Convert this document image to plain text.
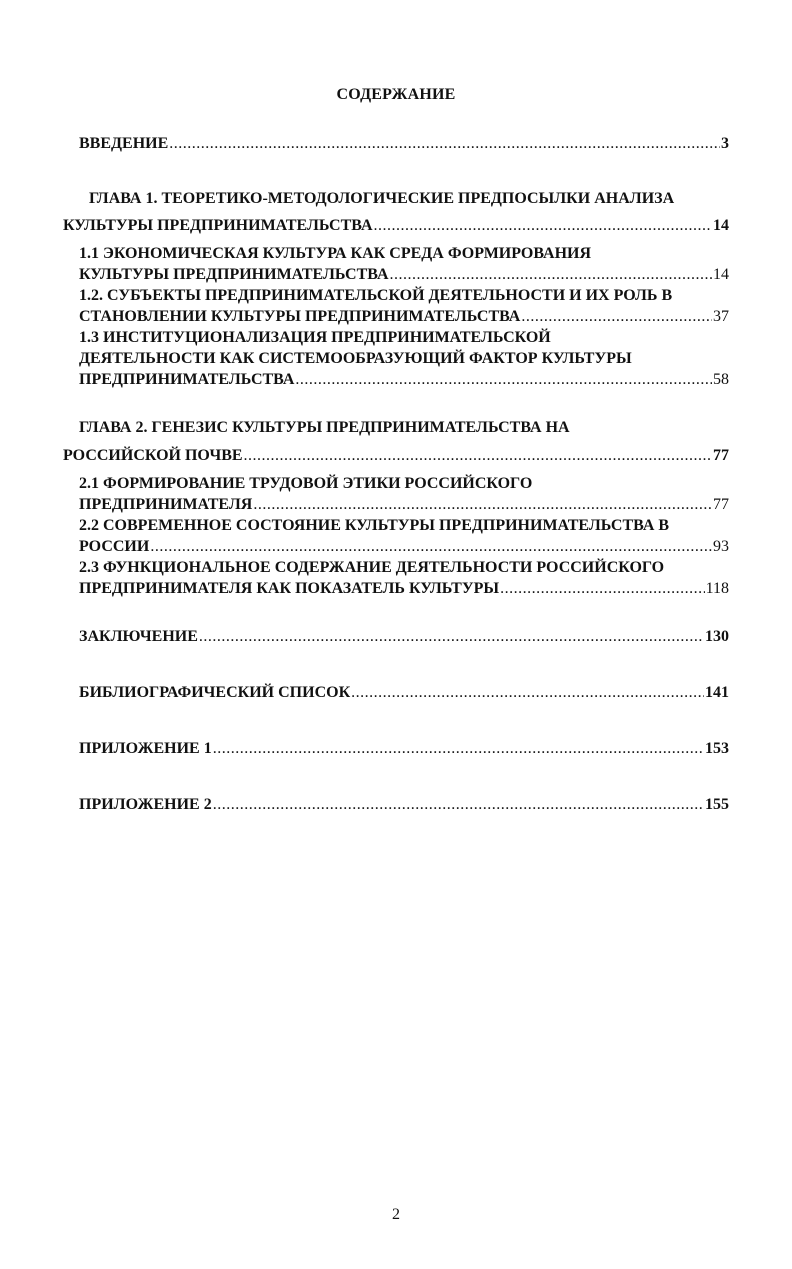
СОДЕРЖАНИЕ
ВВЕДЕНИЕ .....	3
ГЛАВА 1. ТЕОРЕТИКО-МЕТОДОЛОГИЧЕСКИЕ ПРЕДПОСЫЛКИ АНАЛИЗА
КУЛЬТУРЫ ПРЕДПРИНИМАТЕЛЬСТВА .....	14
1.1 ЭКОНОМИЧЕСКАЯ КУЛЬТУРА КАК СРЕДА ФОРМИРОВАНИЯ
КУЛЬТУРЫ ПРЕДПРИНИМАТЕЛЬСТВА .....	14
1.2. СУБЪЕКТЫ ПРЕДПРИНИМАТЕЛЬСКОЙ ДЕЯТЕЛЬНОСТИ И ИХ РОЛЬ В
СТАНОВЛЕНИИ КУЛЬТУРЫ ПРЕДПРИНИМАТЕЛЬСТВА .....	37
1.3 ИНСТИТУЦИОНАЛИЗАЦИЯ ПРЕДПРИНИМАТЕЛЬСКОЙ
ДЕЯТЕЛЬНОСТИ КАК СИСТЕМООБРАЗУЮЩИЙ ФАКТОР КУЛЬТУРЫ
ПРЕДПРИНИМАТЕЛЬСТВА .....	58
ГЛАВА 2. ГЕНЕЗИС КУЛЬТУРЫ ПРЕДПРИНИМАТЕЛЬСТВА НА
РОССИЙСКОЙ ПОЧВЕ .....	77
2.1 ФОРМИРОВАНИЕ ТРУДОВОЙ ЭТИКИ РОССИЙСКОГО
ПРЕДПРИНИМАТЕЛЯ .....	77
2.2 СОВРЕМЕННОЕ СОСТОЯНИЕ КУЛЬТУРЫ ПРЕДПРИНИМАТЕЛЬСТВА В
РОССИИ .....	93
2.3 ФУНКЦИОНАЛЬНОЕ СОДЕРЖАНИЕ ДЕЯТЕЛЬНОСТИ РОССИЙСКОГО
ПРЕДПРИНИМАТЕЛЯ КАК ПОКАЗАТЕЛЬ КУЛЬТУРЫ .....	118
ЗАКЛЮЧЕНИЕ .....	130
БИБЛИОГРАФИЧЕСКИЙ СПИСОК .....	141
ПРИЛОЖЕНИЕ 1 .....	153
ПРИЛОЖЕНИЕ 2 .....	155
2
